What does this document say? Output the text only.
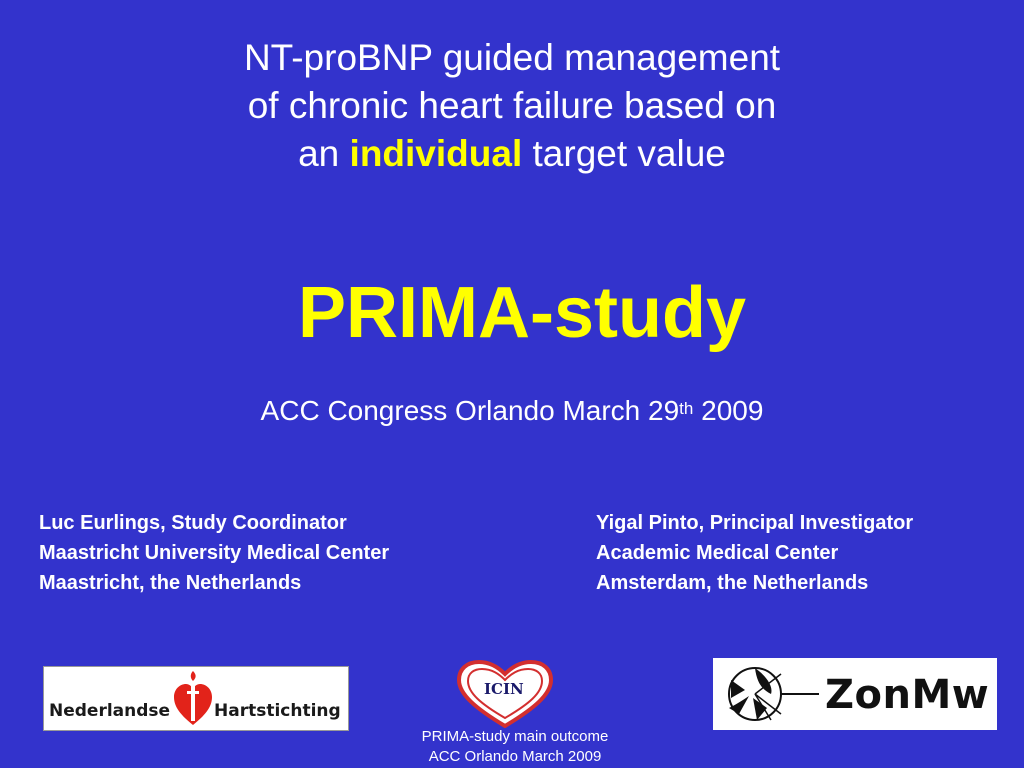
NT-proBNP guided management
of chronic heart failure based on
an individual target value
PRIMA-study
ACC Congress Orlando March 29th 2009
Luc Eurlings, Study Coordinator
Maastricht University Medical Center
Maastricht, the Netherlands
Yigal Pinto, Principal Investigator
Academic Medical Center
Amsterdam, the Netherlands
Nederlandse	Hartstichting
ICIN	ZonMw
PRIMA-study main outcome
ACC Orlando March 2009
